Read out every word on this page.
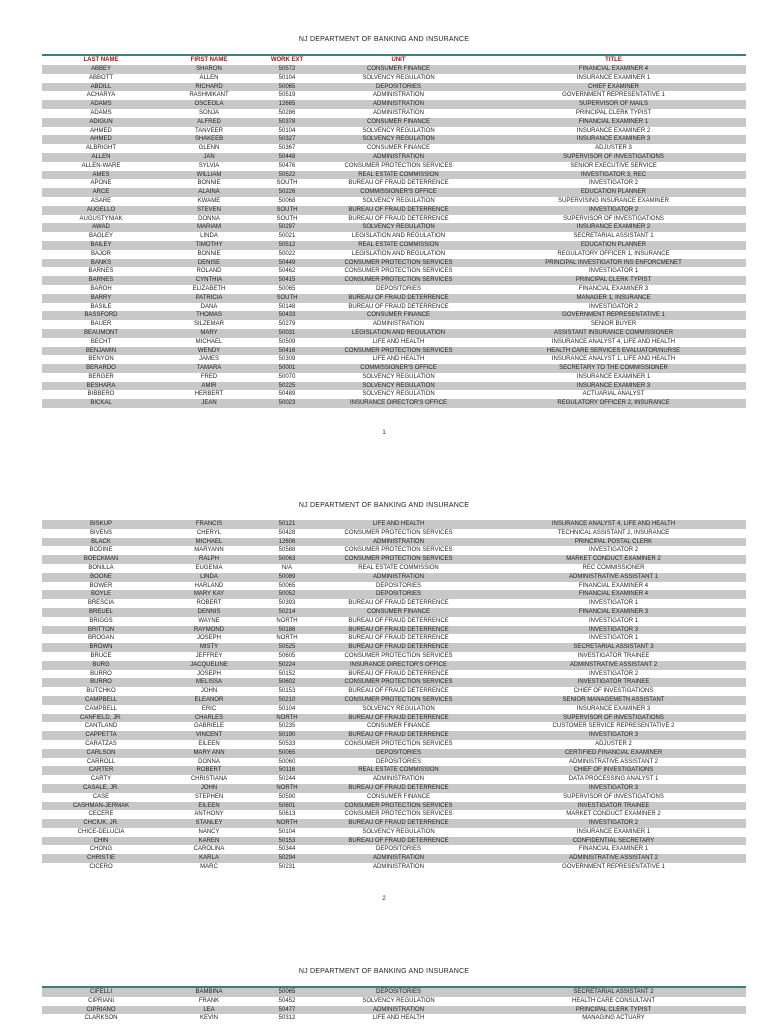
NJ DEPARTMENT OF BANKING AND INSURANCE
LAST NAME	FIRST NAME	WORK EXT	UNIT	TITLE
ABBEY	SHARON	50572	CONSUMER FINANCE	FINANCIAL EXAMINER 4
ABBOTT	ALLEN	50104	SOLVENCY REGULATION	INSURANCE EXAMINER 1
ABDILL	RICHARD	50065	DEPOSITORIES	CHIEF EXAMINER
ACHARYA	RASHMIKANT	50519	ADMINISTRATION	GOVERNMENT REPRESENTATIVE 1
ADAMS	OSCEOLA	12665	ADMINISTRATION	SUPERVISOR OF MAILS
ADAMS	SONJA	50286	ADMINISTRATION	PRINCIPAL CLERK TYPIST
ADIGUN	ALFRED	50378	CONSUMER FINANCE	FINANCIAL EXAMINER 1
AHMED	TANVEER	50104	SOLVENCY REGULATION	INSURANCE EXAMINER 2
AHMED	SHAKEEB	50327	SOLVENCY REGULATION	INSURANCE EXAMINER 3
ALBRIGHT	GLENN	50367	CONSUMER FINANCE	ADJUSTER 3
ALLEN	JAN	50448	ADMINISTRATION	SUPERVISOR OF INVESTIGATIONS
ALLEN-WARE	SYLVIA	50476	CONSUMER PROTECTION SERVICES	SENIOR EXECUTIVE SERVICE
AMES	WILLIAM	50522	REAL ESTATE COMMISSION	INVESTIGATOR 3, REC
APONE	BONNIE	SOUTH	BUREAU OF FRAUD DETERRENCE	INVESTIGATOR 2
ARCE	ALAINA	50226	COMMISSIONER'S OFFICE	EDUCATION PLANNER
ASARE	KWAME	50068	SOLVENCY REGULATION	SUPERVISING INSURANCE EXAMINER
AUGELLO	STEVEN	SOUTH	BUREAU OF FRAUD DETERRENCE	INVESTIGATOR 2
AUGUSTYNIAK	DONNA	SOUTH	BUREAU OF FRAUD DETERRENCE	SUPERVISOR OF INVESTIGATIONS
AWAD	MARIAM	50297	SOLVENCY REGULATION	INSURANCE EXAMINER 2
BAGLEY	LINDA	50021	LEGISLATION AND REGULATION	SECRETARIAL ASSISTANT 1
BAILEY	TIMOTHY	50512	REAL ESTATE COMMISSION	EDUCATION PLANNER
BAJOR	BONNIE	50022	LEGISLATION AND REGULATION	REGULATORY OFFICER 1, INSURANCE
BANKS	DENISE	50449	CONSUMER PROTECTION SERVICES	PRINCIPAL INVESTIGATOR INS ENFORCMENET
BARNES	ROLAND	50462	CONSUMER PROTECTION SERVICES	INVESTIGATOR 1
BARNES	CYNTHIA	50415	CONSUMER PROTECTION SERVICES	PRINCIPAL CLERK TYPIST
BAROH	ELIZABETH	50065	DEPOSITORIES	FINANCIAL EXAMINER 3
BARRY	PATRICIA	SOUTH	BUREAU OF FRAUD DETERRENCE	MANAGER 1, INSURANCE
BASILE	DANA	50148	BUREAU OF FRAUD DETERRENCE	INVESTIGATOR 2
BASSFORD	THOMAS	50433	CONSUMER FINANCE	GOVERNMENT REPRESENTATIVE 1
BAUER	SILZEMAR	50279	ADMINISTRATION	SENIOR BUYER
BEAUMONT	MARY	50031	LEGISLATION AND REGULATION	ASSISTANT INSURANCE COMMISSIONER
BECHT	MICHAEL	50509	LIFE AND HEALTH	INSURANCE ANALYST 4, LIFE AND HEALTH
BENJAMIN	WENDY	50416	CONSUMER PROTECTION SERVICES	HEALTH CARE SERVICES EVALUATOR/NURSE
BENYON	JAMES	50309	LIFE AND HEALTH	INSURANCE ANALYST 1, LIFE AND HEALTH
BERARDO	TAMARA	50001	COMMISSIONER'S OFFICE	SECRETARY TO THE COMMISSIONER
BERGER	FRED	50070	SOLVENCY REGULATION	INSURANCE EXAMINER 1
BESHARA	AMIR	50225	SOLVENCY REGULATION	INSURANCE EXAMINER 3
BIBBERO	HERBERT	50489	SOLVENCY REGULATION	ACTUARIAL ANALYST
BICKAL	JEAN	50023	INSURANCE DIRECTOR'S OFFICE	REGULATORY OFFICER 2, INSURANCE
1
NJ DEPARTMENT OF BANKING AND INSURANCE
BISKUP	FRANCIS	50121	LIFE AND HEALTH	INSURANCE ANALYST 4, LIFE AND HEALTH
BIVENS	CHERYL	50428	CONSUMER PROTECTION SERVICES	TECHNICAL ASSISTANT 2, INSURANCE
BLACK	MICHAEL	12606	ADMINISTRATION	PRINCIPAL POSTAL CLERK
BODINE	MARYANN	50588	CONSUMER PROTECTION SERVICES	INVESTIGATOR 2
BOECKMAN	RALPH	50063	CONSUMER PROTECTION SERVICES	MARKET CONDUCT EXAMINER 2
BONILLA	EUGENIA	N/A	REAL ESTATE COMMISSION	REC COMMISSIONER
BOONE	LINDA	50089	ADMINISTRATION	ADMINISTRATIVE ASSISTANT 1
BOWER	HARLAND	50065	DEPOSITORIES	FINANCIAL EXAMINER 4
BOYLE	MARY KAY	50052	DEPOSITORIES	FINANCIAL EXAMINER 4
BRESCIA	ROBERT	50393	BUREAU OF FRAUD DETERRENCE	INVESTIGATOR 1
BREUEL	DENNIS	50214	CONSUMER FINANCE	FINANCIAL EXAMINER 3
BRIGGS	WAYNE	NORTH	BUREAU OF FRAUD DETERRENCE	INVESTIGATOR 1
BRITTON	RAYMOND	50186	BUREAU OF FRAUD DETERRENCE	INVESTIGATOR 3
BROGAN	JOSEPH	NORTH	BUREAU OF FRAUD DETERRENCE	INVESTIGATOR 1
BROWN	MISTY	50525	BUREAU OF FRAUD DETERRENCE	SECRETARIAL ASSISTANT 3
BRUCE	JEFFREY	50605	CONSUMER PROTECTION SERVICES	INVESTIGATOR TRAINEE
BURG	JACQUELINE	50224	INSURANCE DIRECTOR'S OFFICE	ADMINSTRATIVE ASSISTANT 2
BURRO	JOSEPH	50152	BUREAU OF FRAUD DETERRENCE	INVESTIGATOR 2
BURRO	MELISSA	50602	CONSUMER PROTECTION SERVICES	INVESTIGATOR TRAINEE
BUTCHKO	JOHN	50153	BUREAU OF FRAUD DETERRENCE	CHIEF OF INVESTIGATIONS
CAMPBELL	ELEANOR	50210	CONSUMER PROTECTION SERVICES	SENIOR MANAGEMETN ASSISTANT
CAMPBELL	ERIC	50104	SOLVENCY REGULATION	INSURANCE EXAMINER 3
CANFIELD, JR.	CHARLES	NORTH	BUREAU OF FRAUD DETERRENCE	SUPERVISOR OF INVESTIGATIONS
CANTLAND	GABRIELE	50235	CONSUMER FINANCE	CUSTOMER SERVICE REPRESENTATIVE 2
CAPPETTA	VINCENT	50190	BUREAU OF FRAUD DETERRENCE	INVESTIGATOR 3
CARATZAS	EILEEN	50533	CONSUMER PROTECTION SERVICES	ADJUSTER 2
CARLSON	MARY ANN	50065	DEPOSITORIES	CERTIFIED FINANCIAL EXAMINER
CARROLL	DONNA	50060	DEPOSITORIES	ADMINISTRATIVE ASSISTANT 2
CARTER	ROBERT	50116	REAL ESTATE COMMISSION	CHIEF OF INVESTIGATIONS
CARTY	CHRISTIANA	50244	ADMINISTRATION	DATA PROCESSING ANALYST 1
CASALE, JR.	JOHN	NORTH	BUREAU OF FRAUD DETERRENCE	INVESTIGATOR 3
CASE	STEPHEN	50590	CONSUMER FINANCE	SUPERVISOR OF INVESTIGATIONS
CASHMAN-JERMAK	EILEEN	50601	CONSUMER PROTECTION SERVICES	INVESTIGATOR TRAINEE
CECERE	ANTHONY	50613	CONSUMER PROTECTION SERVICES	MARKET CONDUCT EXAMINER 2
CHCIUK, JR.	STANLEY	NORTH	BUREAU OF FRAUD DETERRENCE	INVESTIGATOR 2
CHICE-DELUCIA	NANCY	50104	SOLVENCY REGULATION	INSURANCE EXAMINER 1
CHIN	KAREN	50153	BUREAU OF FRAUD DETERRENCE	CONFIDENTIAL SECRETARY
CHONG	CAROLINA	50344	DEPOSITORIES	FINANCIAL EXAMINER 1
CHRISTIE	KARLA	50294	ADMINISTRATION	ADMINISTRATIVE ASSISTANT 2
CICERO	MARC	50231	ADMINISTRATION	GOVERNMENT REPRESENTATIVE 1
2
NJ DEPARTMENT OF BANKING AND INSURANCE
CIFELLI	BAMBINA	50065	DEPOSITORIES	SECRETARIAL ASSISTANT 2
CIPRIANI	FRANK	50452	SOLVENCY REGULATION	HEALTH CARE CONSULTANT
CIPRIANO	LEA	50477	ADMINISTRATION	PRINCIPAL CLERK TYPIST
CLARKSON	KEVIN	50312	LIFE AND HEALTH	MANAGING ACTUARY
